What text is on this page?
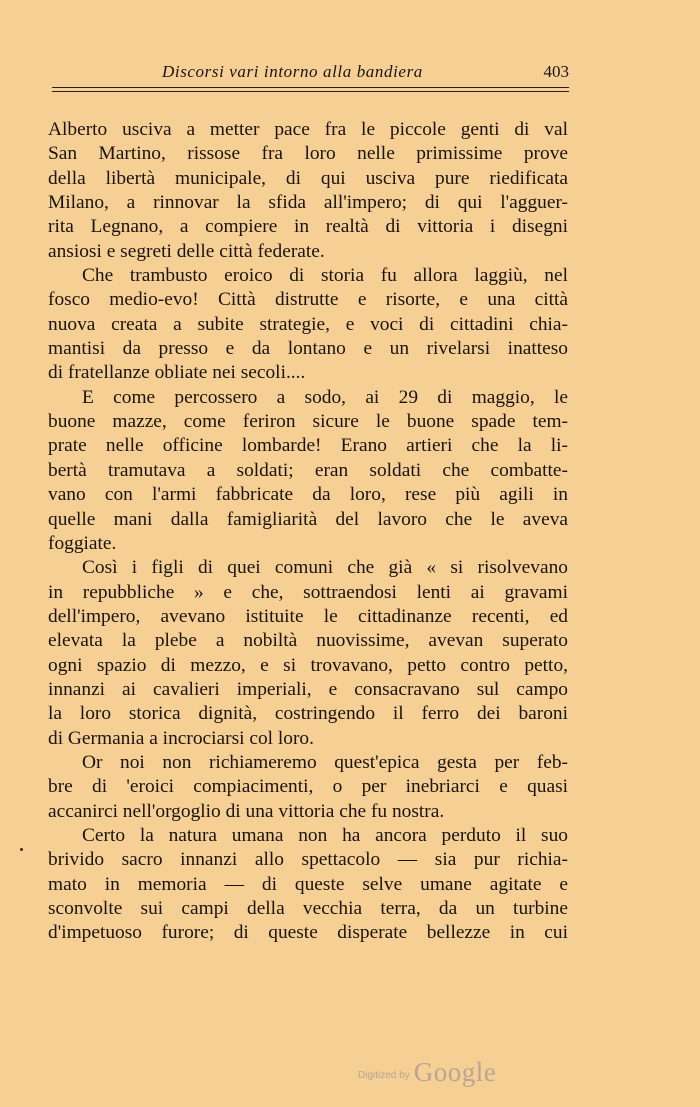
Discorsi vari intorno alla bandiera	403
Alberto usciva a metter pace fra le piccole genti di val
San Martino, rissose fra loro nelle primissime prove
della libertà municipale, di qui usciva pure riedificata
Milano, a rinnovar la sfida all'impero; di qui l'agguer-
rita Legnano, a compiere in realtà di vittoria i disegni
ansiosi e segreti delle città federate.
Che trambusto eroico di storia fu allora laggiù, nel
fosco medio-evo! Città distrutte e risorte, e una città
nuova creata a subite strategie, e voci di cittadini chia-
mantisi da presso e da lontano e un rivelarsi inatteso
di fratellanze obliate nei secoli....
E come percossero a sodo, ai 29 di maggio, le
buone mazze, come feriron sicure le buone spade tem-
prate nelle officine lombarde! Erano artieri che la li-
bertà tramutava a soldati; eran soldati che combatte-
vano con l'armi fabbricate da loro, rese più agili in
quelle mani dalla famigliarità del lavoro che le aveva
foggiate.
Così i figli di quei comuni che già « si risolvevano
in repubbliche » e che, sottraendosi lenti ai gravami
dell'impero, avevano istituite le cittadinanze recenti, ed
elevata la plebe a nobiltà nuovissime, avevan superato
ogni spazio di mezzo, e si trovavano, petto contro petto,
innanzi ai cavalieri imperiali, e consacravano sul campo
la loro storica dignità, costringendo il ferro dei baroni
di Germania a incrociarsi col loro.
Or noi non richiameremo quest'epica gesta per feb-
bre di 'eroici compiacimenti, o per inebriarci e quasi
accanirci nell'orgoglio di una vittoria che fu nostra.
Certo la natura umana non ha ancora perduto il suo
brivido sacro innanzi allo spettacolo — sia pur richia-
mato in memoria — di queste selve umane agitate e
sconvolte sui campi della vecchia terra, da un turbine
d'impetuoso furore; di queste disperate bellezze in cui
Digitized by Google
